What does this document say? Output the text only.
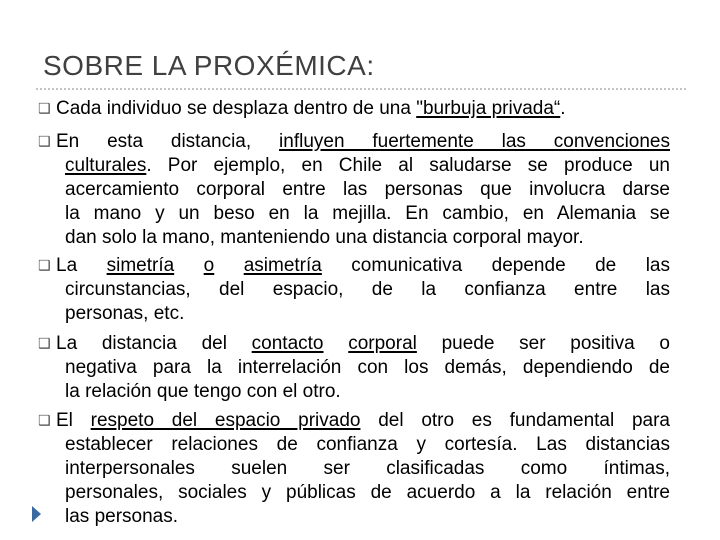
SOBRE LA PROXÉMICA:
❑ Cada individuo se desplaza dentro de una "burbuja privada“.
❑ En esta distancia, influyen fuertemente las convenciones
culturales. Por ejemplo, en Chile al saludarse se produce un
acercamiento corporal entre las personas que involucra darse
la mano y un beso en la mejilla. En cambio, en Alemania se
dan solo la mano, manteniendo una distancia corporal mayor.
❑ La simetría o asimetría comunicativa depende de las
circunstancias, del espacio, de la confianza entre las
personas, etc.
❑ La distancia del contacto corporal puede ser positiva o
negativa para la interrelación con los demás, dependiendo de
la relación que tengo con el otro.
❑ El respeto del espacio privado del otro es fundamental para
establecer relaciones de confianza y cortesía. Las distancias
interpersonales suelen ser clasificadas como íntimas,
personales, sociales y públicas de acuerdo a la relación entre
las personas.
